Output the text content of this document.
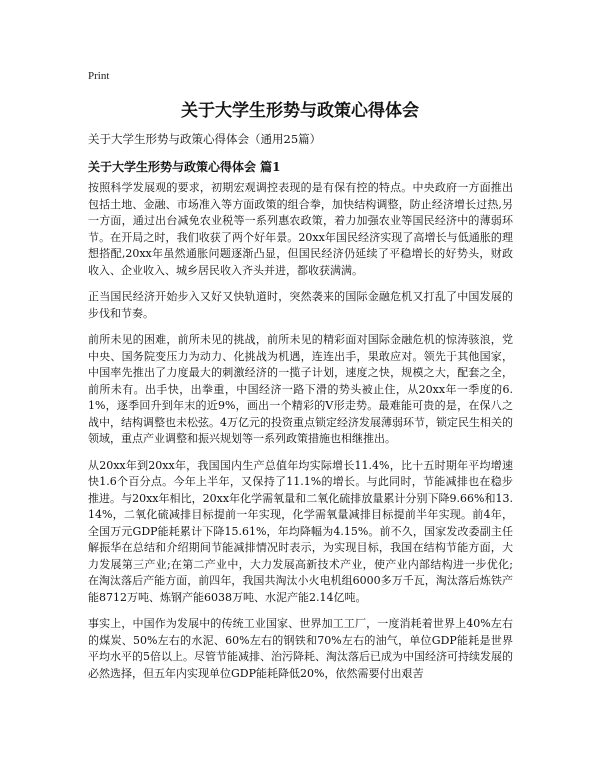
Print
关于大学生形势与政策心得体会

关于大学生形势与政策心得体会（通用25篇）

关于大学生形势与政策心得体会 篇1

按照科学发展观的要求，初期宏观调控表现的是有保有控的特点。中央政府一方面推出包括土地、金融、市场准入等方面政策的组合拳，加快结构调整，防止经济增长过热,另一方面，通过出台减免农业税等一系列惠农政策，着力加强农业等国民经济中的薄弱环节。在开局之时，我们收获了两个好年景。20xx年国民经济实现了高增长与低通胀的理想搭配,20xx年虽然通胀问题逐渐凸显，但国民经济仍延续了平稳增长的好势头，财政收入、企业收入、城乡居民收入齐头并进，都收获满满。

正当国民经济开始步入又好又快轨道时，突然袭来的国际金融危机又打乱了中国发展的步伐和节奏。

前所未见的困难，前所未见的挑战，前所未见的精彩面对国际金融危机的惊涛骇浪，党中央、国务院变压力为动力、化挑战为机遇，连连出手，果敢应对。领先于其他国家，中国率先推出了力度最大的刺激经济的一揽子计划，速度之快，规模之大，配套之全，前所未有。出手快，出拳重，中国经济一路下滑的势头被止住，从20xx年一季度的6.1%，逐季回升到年末的近9%，画出一个精彩的V形走势。最难能可贵的是，在保八之战中，结构调整也未松弦。4万亿元的投资重点锁定经济发展薄弱环节，锁定民生相关的领域，重点产业调整和振兴规划等一系列政策措施也相继推出。

从20xx年到20xx年，我国国内生产总值年均实际增长11.4%，比十五时期年平均增速快1.6个百分点。今年上半年，又保持了11.1%的增长。与此同时，节能减排也在稳步推进。与20xx年相比，20xx年化学需氧量和二氧化硫排放量累计分别下降9.66%和13.14%，二氧化硫减排目标提前一年实现，化学需氧量减排目标提前半年实现。前4年，全国万元GDP能耗累计下降15.61%，年均降幅为4.15%。前不久，国家发改委副主任解振华在总结和介绍期间节能减排情况时表示，为实现目标，我国在结构节能方面，大力发展第三产业;在第二产业中，大力发展高新技术产业，使产业内部结构进一步优化;在淘汰落后产能方面，前四年，我国共淘汰小火电机组6000多万千瓦，淘汰落后炼铁产能8712万吨、炼钢产能6038万吨、水泥产能2.14亿吨。

事实上，中国作为发展中的传统工业国家、世界加工工厂，一度消耗着世界上40%左右的煤炭、50%左右的水泥、60%左右的钢铁和70%左右的油气，单位GDP能耗是世界平均水平的5倍以上。尽管节能减排、治污降耗、淘汰落后已成为中国经济可持续发展的必然选择，但五年内实现单位GDP能耗降低20%，依然需要付出艰苦
